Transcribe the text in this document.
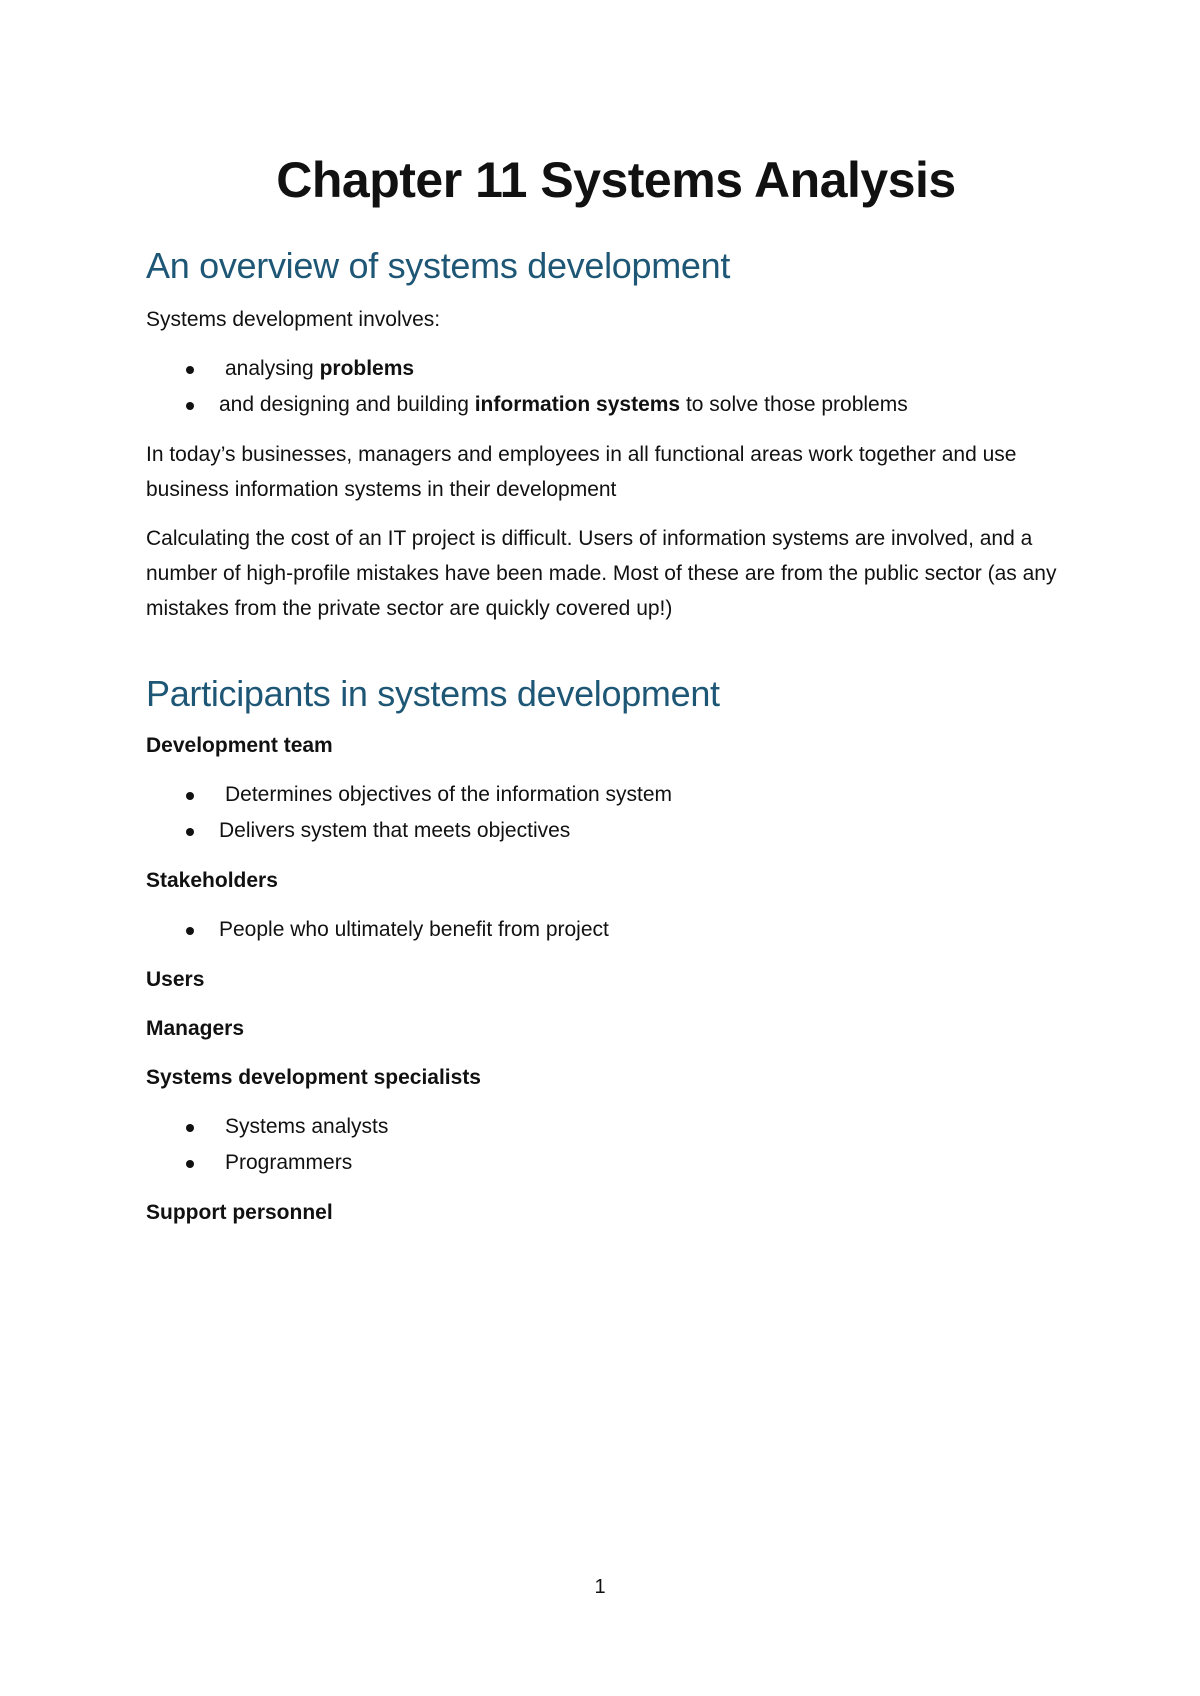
Chapter 11 Systems Analysis
An overview of systems development

Systems development involves:

analysing problems
and designing and building information systems to solve those problems

In today’s businesses, managers and employees in all functional areas work together and use business information systems in their development

Calculating the cost of an IT project is difficult. Users of information systems are involved, and a number of high-profile mistakes have been made. Most of these are from the public sector (as any mistakes from the private sector are quickly covered up!)

Participants in systems development

Development team

Determines objectives of the information system
Delivers system that meets objectives

Stakeholders

People who ultimately benefit from project

Users

Managers

Systems development specialists

Systems analysts
Programmers

Support personnel

1
